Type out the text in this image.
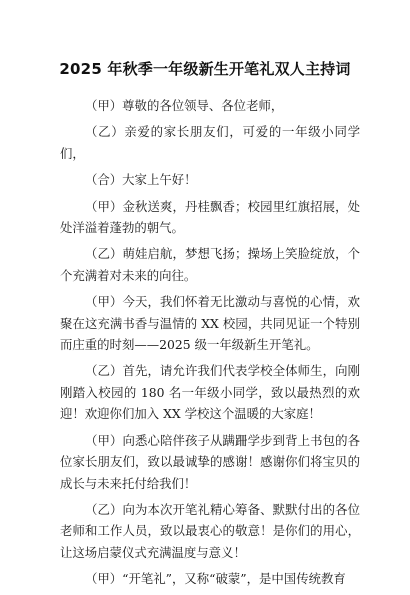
2025 年秋季一年级新生开笔礼双人主持词

（甲）尊敬的各位领导、各位老师，

（乙）亲爱的家长朋友们，可爱的一年级小同学们，

（合）大家上午好！

（甲）金秋送爽，丹桂飘香；校园里红旗招展，处处洋溢着蓬勃的朝气。

（乙）萌娃启航，梦想飞扬；操场上笑脸绽放，个个充满着对未来的向往。

（甲）今天，我们怀着无比激动与喜悦的心情，欢聚在这充满书香与温情的 XX 校园，共同见证一个特别而庄重的时刻——2025 级一年级新生开笔礼。

（乙）首先，请允许我们代表学校全体师生，向刚刚踏入校园的 180 名一年级小同学，致以最热烈的欢迎！欢迎你们加入 XX 学校这个温暖的大家庭！

（甲）向悉心陪伴孩子从蹒跚学步到背上书包的各位家长朋友们，致以最诚挚的感谢！感谢你们将宝贝的成长与未来托付给我们！

（乙）向为本次开笔礼精心筹备、默默付出的各位老师和工作人员，致以最衷心的敬意！是你们的用心，让这场启蒙仪式充满温度与意义！

（甲）“开笔礼”，又称“破蒙”，是中国传统教育
